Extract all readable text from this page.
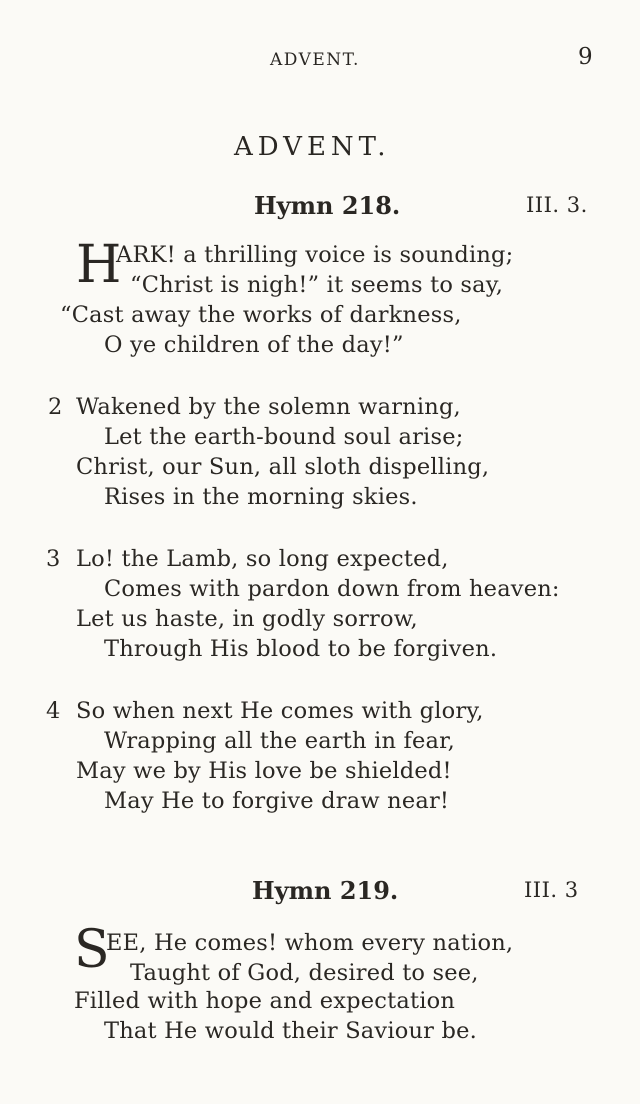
ADVENT.	9
ADVENT.
Hymn 218.	III. 3.
H
ARK! a thrilling voice is sounding;
“Christ is nigh!” it seems to say,
“Cast away the works of darkness,
O ye children of the day!”
2 Wakened by the solemn warning,
Let the earth-bound soul arise;
Christ, our Sun, all sloth dispelling,
Rises in the morning skies.
3 Lo! the Lamb, so long expected,
Comes with pardon down from heaven:
Let us haste, in godly sorrow,
Through His blood to be forgiven.
4 So when next He comes with glory,
Wrapping all the earth in fear,
May we by His love be shielded!
May He to forgive draw near!
Hymn 219.	III. 3
S
EE, He comes! whom every nation,
Taught of God, desired to see,
Filled with hope and expectation
That He would their Saviour be.
